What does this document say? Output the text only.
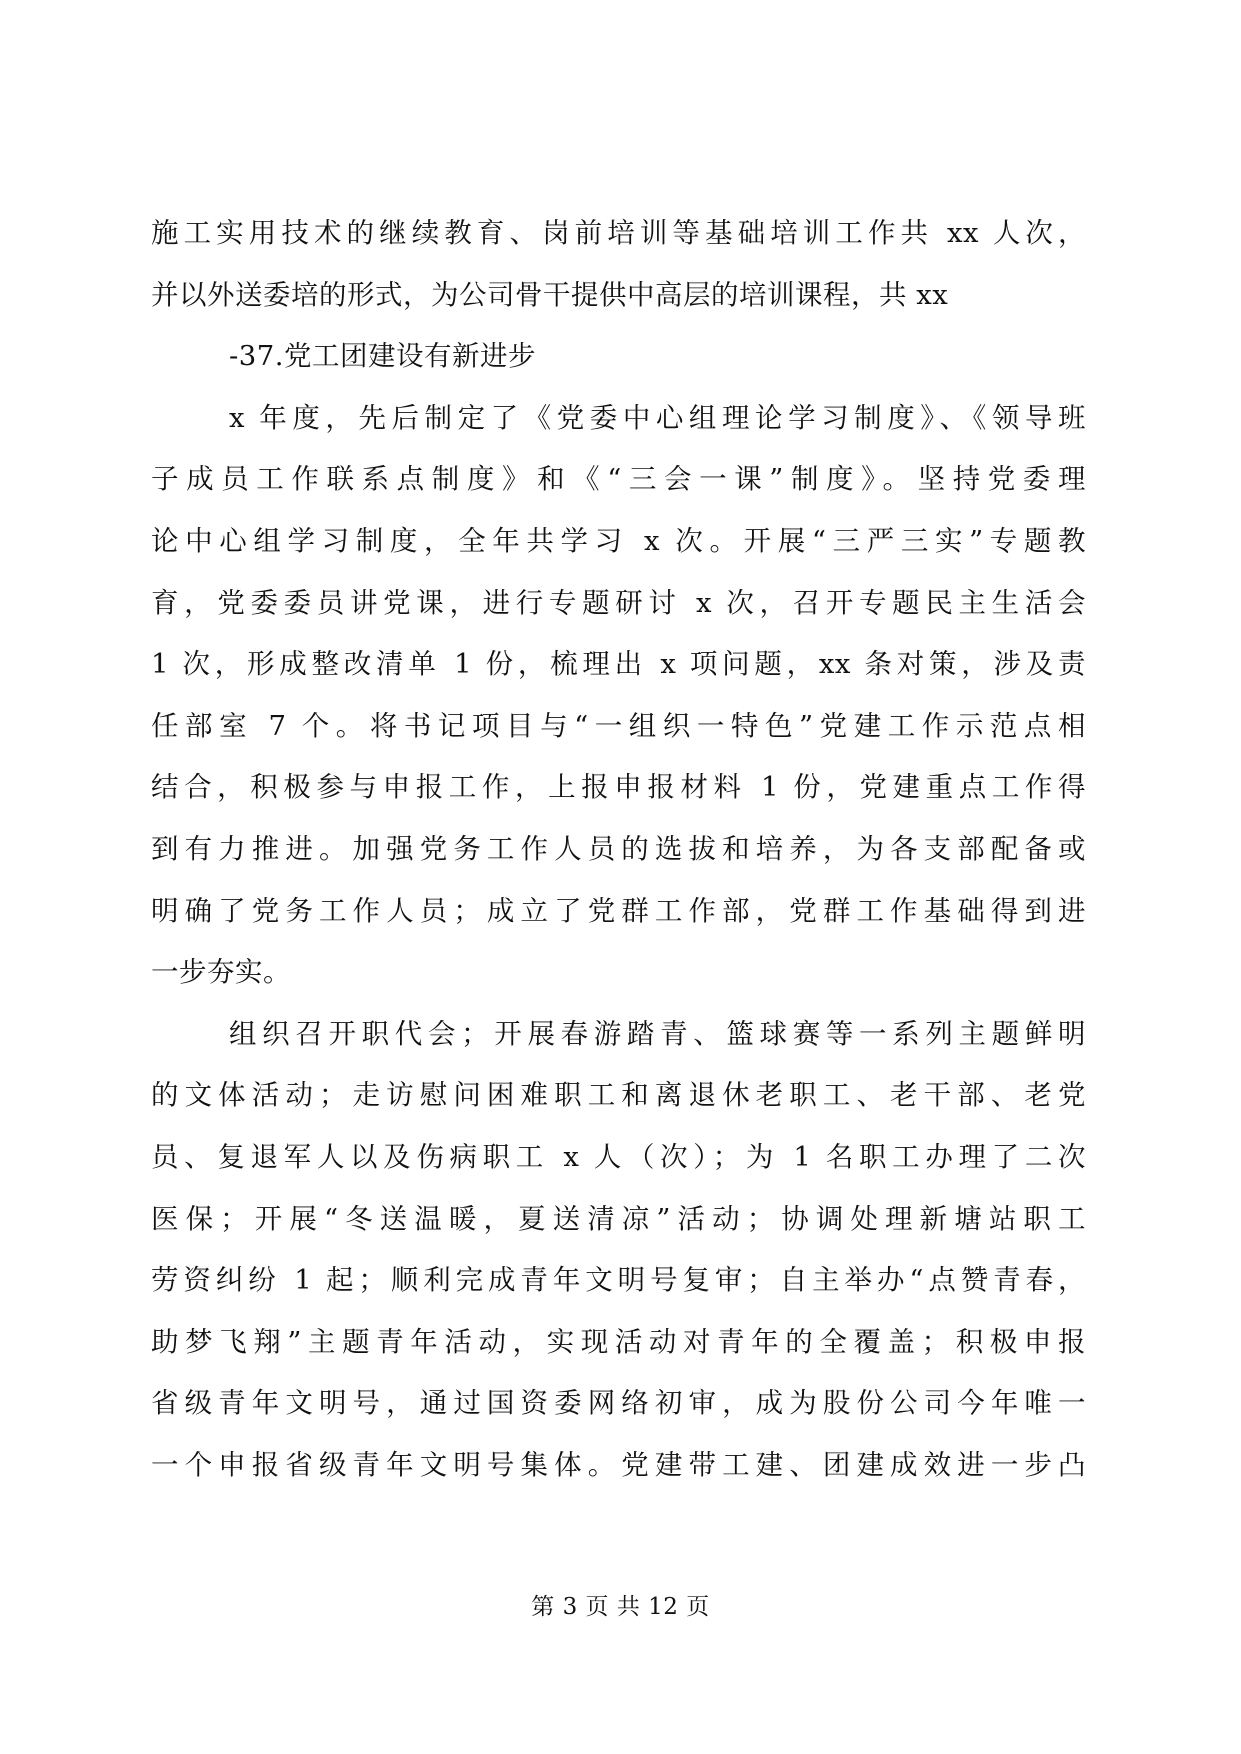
施工实用技术的继续教育、岗前培训等基础培训工作共 xx 人次，
并以外送委培的形式，为公司骨干提供中高层的培训课程，共 xx
-37.党工团建设有新进步
x 年度，先后制定了《党委中心组理论学习制度》、《领导班
子成员工作联系点制度》和《“三会一课”制度》。坚持党委理
论中心组学习制度，全年共学习 x 次。开展“三严三实”专题教
育，党委委员讲党课，进行专题研讨 x 次，召开专题民主生活会
1 次，形成整改清单 1 份，梳理出 x 项问题，xx 条对策，涉及责
任部室 7 个。将书记项目与“一组织一特色”党建工作示范点相
结合，积极参与申报工作，上报申报材料 1 份，党建重点工作得
到有力推进。加强党务工作人员的选拔和培养，为各支部配备或
明确了党务工作人员；成立了党群工作部，党群工作基础得到进
一步夯实。
组织召开职代会；开展春游踏青、篮球赛等一系列主题鲜明
的文体活动；走访慰问困难职工和离退休老职工、老干部、老党
员、复退军人以及伤病职工 x 人（次）；为 1 名职工办理了二次
医保；开展“冬送温暖，夏送清凉”活动；协调处理新塘站职工
劳资纠纷 1 起；顺利完成青年文明号复审；自主举办“点赞青春，
助梦飞翔”主题青年活动，实现活动对青年的全覆盖；积极申报
省级青年文明号，通过国资委网络初审，成为股份公司今年唯一
一个申报省级青年文明号集体。党建带工建、团建成效进一步凸
第 3 页 共 12 页
